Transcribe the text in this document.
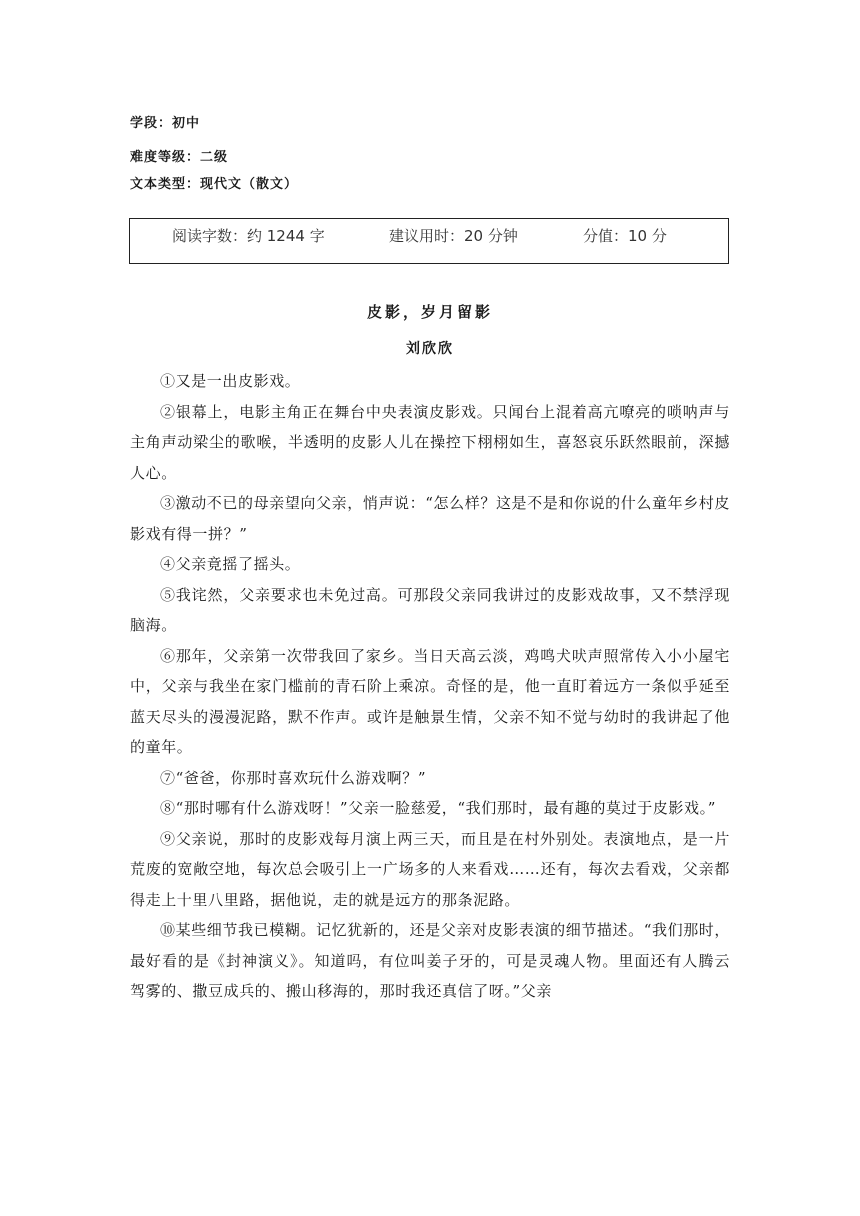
学段：初中
难度等级：二级
文本类型：现代文（散文）
阅读字数：约 1244 字	建议用时：20 分钟	分值：10 分
皮影，岁月留影
刘欣欣

①又是一出皮影戏。

②银幕上，电影主角正在舞台中央表演皮影戏。只闻台上混着高亢嘹亮的唢呐声与主角声动梁尘的歌喉，半透明的皮影人儿在操控下栩栩如生，喜怒哀乐跃然眼前，深撼人心。

③激动不已的母亲望向父亲，悄声说：“怎么样？这是不是和你说的什么童年乡村皮影戏有得一拼？”

④父亲竟摇了摇头。

⑤我诧然，父亲要求也未免过高。可那段父亲同我讲过的皮影戏故事，又不禁浮现脑海。

⑥那年，父亲第一次带我回了家乡。当日天高云淡，鸡鸣犬吠声照常传入小小屋宅中，父亲与我坐在家门槛前的青石阶上乘凉。奇怪的是，他一直盯着远方一条似乎延至蓝天尽头的漫漫泥路，默不作声。或许是触景生情，父亲不知不觉与幼时的我讲起了他的童年。

⑦“爸爸，你那时喜欢玩什么游戏啊？”

⑧“那时哪有什么游戏呀！”父亲一脸慈爱，“我们那时，最有趣的莫过于皮影戏。”

⑨父亲说，那时的皮影戏每月演上两三天，而且是在村外别处。表演地点，是一片荒废的宽敞空地，每次总会吸引上一广场多的人来看戏……还有，每次去看戏，父亲都得走上十里八里路，据他说，走的就是远方的那条泥路。

⑩某些细节我已模糊。记忆犹新的，还是父亲对皮影表演的细节描述。“我们那时，最好看的是《封神演义》。知道吗，有位叫姜子牙的，可是灵魂人物。里面还有人腾云驾雾的、撒豆成兵的、搬山移海的，那时我还真信了呀。”父亲
